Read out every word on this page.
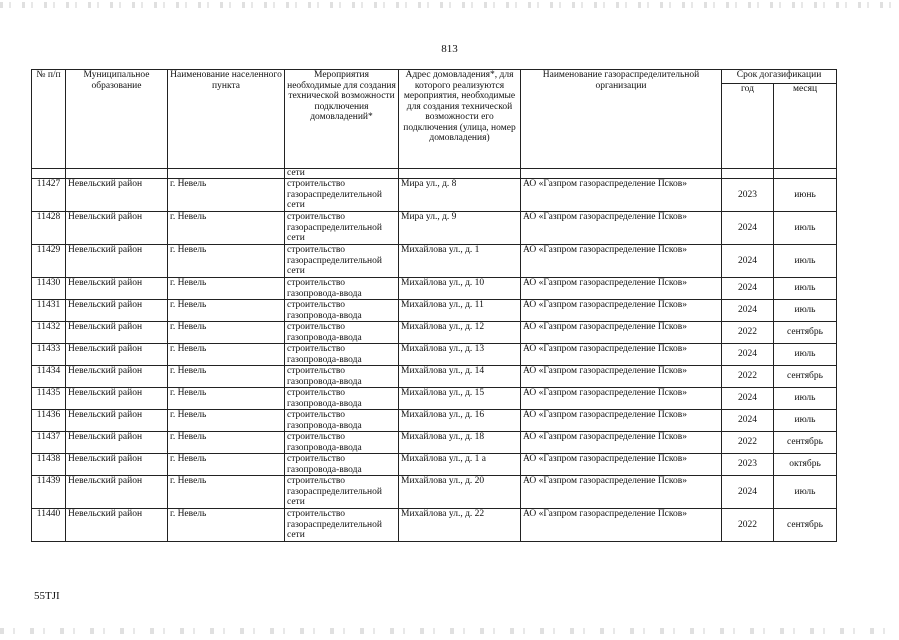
813
№ п/п	Муниципальное образование	Наименование населенного пункта	Мероприятия необходимые для создания технической возможности подключения домовладений*	Адрес домовладения*, для которого реализуются мероприятия, необходимые для создания технической возможности его подключения (улица, номер домовладения)	Наименование газораспределительной организации	Срок догазификации	
						год	месяц
			сети				
11427	Невельский район	г. Невель	строительство газораспределительной сети	Мира ул., д. 8	АО «Газпром газораспределение Псков»	2023	июнь
11428	Невельский район	г. Невель	строительство газораспределительной сети	Мира ул., д. 9	АО «Газпром газораспределение Псков»	2024	июль
11429	Невельский район	г. Невель	строительство газораспределительной сети	Михайлова ул., д. 1	АО «Газпром газораспределение Псков»	2024	июль
11430	Невельский район	г. Невель	строительство газопровода-ввода	Михайлова ул., д. 10	АО «Газпром газораспределение Псков»	2024	июль
11431	Невельский район	г. Невель	строительство газопровода-ввода	Михайлова ул., д. 11	АО «Газпром газораспределение Псков»	2024	июль
11432	Невельский район	г. Невель	строительство газопровода-ввода	Михайлова ул., д. 12	АО «Газпром газораспределение Псков»	2022	сентябрь
11433	Невельский район	г. Невель	строительство газопровода-ввода	Михайлова ул., д. 13	АО «Газпром газораспределение Псков»	2024	июль
11434	Невельский район	г. Невель	строительство газопровода-ввода	Михайлова ул., д. 14	АО «Газпром газораспределение Псков»	2022	сентябрь
11435	Невельский район	г. Невель	строительство газопровода-ввода	Михайлова ул., д. 15	АО «Газпром газораспределение Псков»	2024	июль
11436	Невельский район	г. Невель	строительство газопровода-ввода	Михайлова ул., д. 16	АО «Газпром газораспределение Псков»	2024	июль
11437	Невельский район	г. Невель	строительство газопровода-ввода	Михайлова ул., д. 18	АО «Газпром газораспределение Псков»	2022	сентябрь
11438	Невельский район	г. Невель	строительство газопровода-ввода	Михайлова ул., д. 1 а	АО «Газпром газораспределение Псков»	2023	октябрь
11439	Невельский район	г. Невель	строительство газораспределительной сети	Михайлова ул., д. 20	АО «Газпром газораспределение Псков»	2024	июль
11440	Невельский район	г. Невель	строительство газораспределительной сети	Михайлова ул., д. 22	АО «Газпром газораспределение Псков»	2022	сентябрь
55TJI
